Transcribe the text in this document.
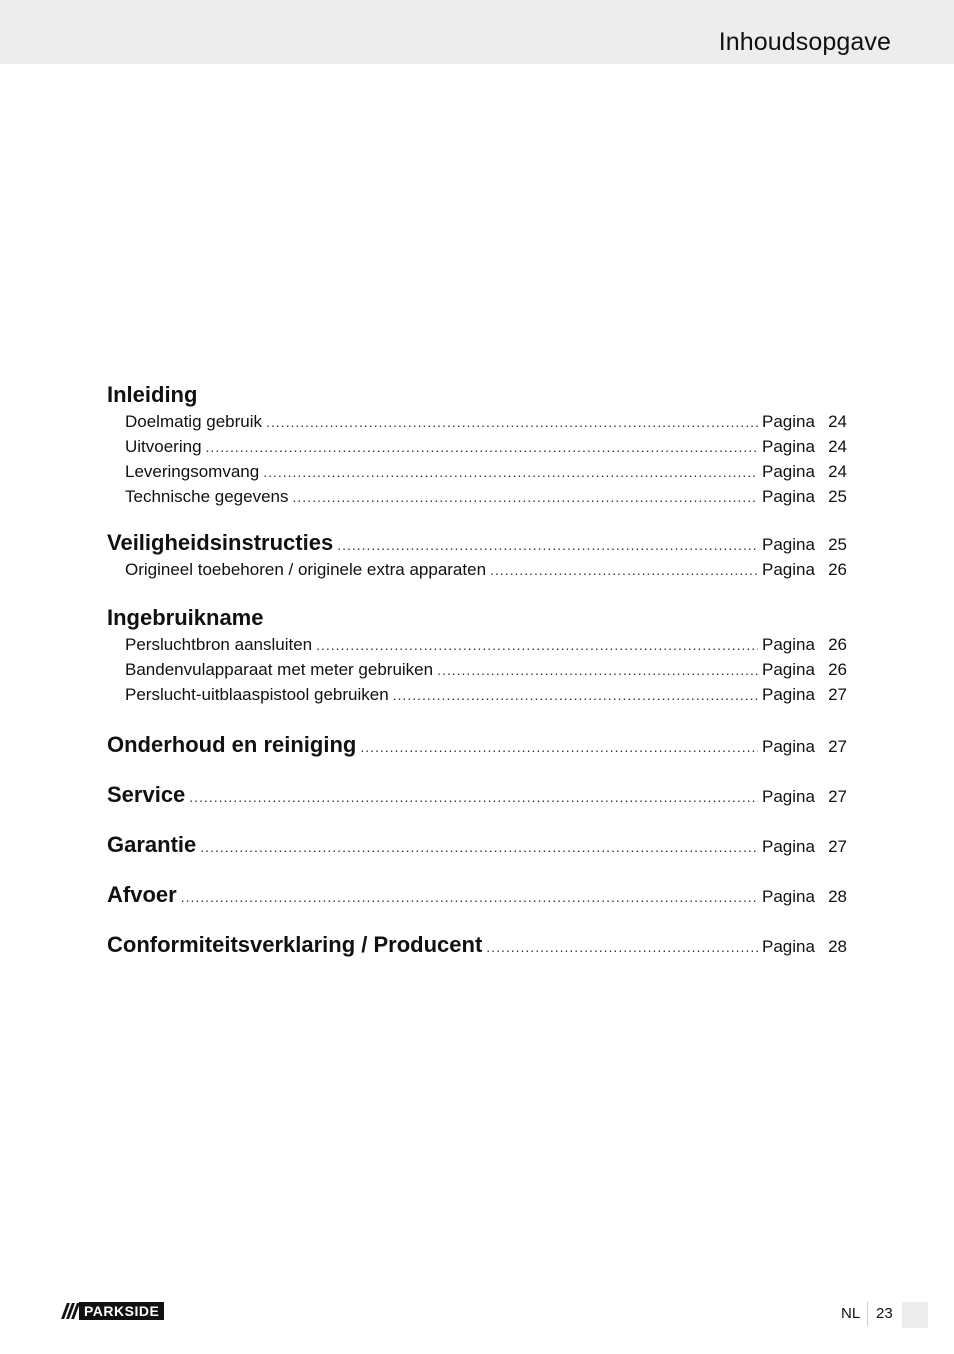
Inhoudsopgave
Inleiding
Doelmatig gebruik .....	Pagina 24
Uitvoering .....	Pagina 24
Leveringsomvang .....	Pagina 24
Technische gegevens .....	Pagina 25
Veiligheidsinstructies .....	Pagina 25
Origineel toebehoren / originele extra apparaten .....	Pagina 26
Ingebruikname
Persluchtbron aansluiten .....	Pagina 26
Bandenvulapparaat met meter gebruiken .....	Pagina 26
Perslucht-uitblaaspistool gebruiken .....	Pagina 27
Onderhoud en reiniging .....	Pagina 27
Service .....	Pagina 27
Garantie .....	Pagina 27
Afvoer .....	Pagina 28
Conformiteitsverklaring / Producent .....	Pagina 28
PARKSIDE	NL 23
